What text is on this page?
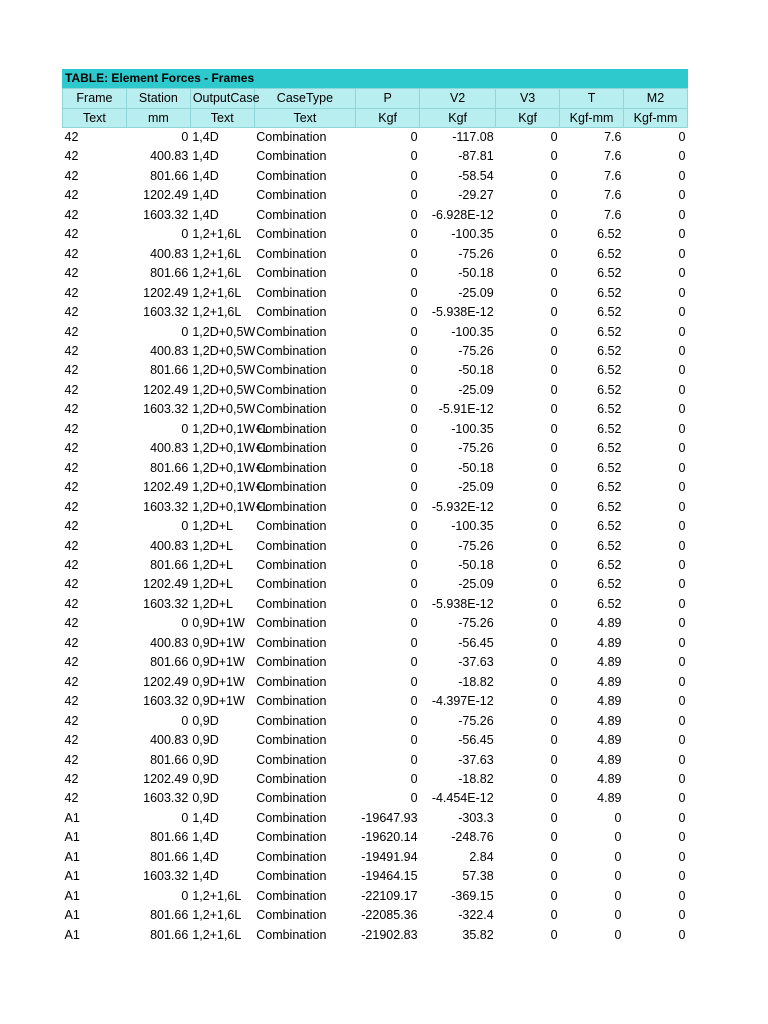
TABLE: Element Forces - Frames
Frame	Station	OutputCase	CaseType	P	V2	V3	T	M2
Text	mm	Text	Text	Kgf	Kgf	Kgf	Kgf-mm	Kgf-mm
42	0	1,4D	Combination	0	-117.08	0	7.6	0
42	400.83	1,4D	Combination	0	-87.81	0	7.6	0
42	801.66	1,4D	Combination	0	-58.54	0	7.6	0
42	1202.49	1,4D	Combination	0	-29.27	0	7.6	0
42	1603.32	1,4D	Combination	0	-6.928E-12	0	7.6	0
42	0	1,2+1,6L	Combination	0	-100.35	0	6.52	0
42	400.83	1,2+1,6L	Combination	0	-75.26	0	6.52	0
42	801.66	1,2+1,6L	Combination	0	-50.18	0	6.52	0
42	1202.49	1,2+1,6L	Combination	0	-25.09	0	6.52	0
42	1603.32	1,2+1,6L	Combination	0	-5.938E-12	0	6.52	0
42	0	1,2D+0,5W	Combination	0	-100.35	0	6.52	0
42	400.83	1,2D+0,5W	Combination	0	-75.26	0	6.52	0
42	801.66	1,2D+0,5W	Combination	0	-50.18	0	6.52	0
42	1202.49	1,2D+0,5W	Combination	0	-25.09	0	6.52	0
42	1603.32	1,2D+0,5W	Combination	0	-5.91E-12	0	6.52	0
42	0	1,2D+0,1W+L	Combination	0	-100.35	0	6.52	0
42	400.83	1,2D+0,1W+L	Combination	0	-75.26	0	6.52	0
42	801.66	1,2D+0,1W+L	Combination	0	-50.18	0	6.52	0
42	1202.49	1,2D+0,1W+L	Combination	0	-25.09	0	6.52	0
42	1603.32	1,2D+0,1W+L	Combination	0	-5.932E-12	0	6.52	0
42	0	1,2D+L	Combination	0	-100.35	0	6.52	0
42	400.83	1,2D+L	Combination	0	-75.26	0	6.52	0
42	801.66	1,2D+L	Combination	0	-50.18	0	6.52	0
42	1202.49	1,2D+L	Combination	0	-25.09	0	6.52	0
42	1603.32	1,2D+L	Combination	0	-5.938E-12	0	6.52	0
42	0	0,9D+1W	Combination	0	-75.26	0	4.89	0
42	400.83	0,9D+1W	Combination	0	-56.45	0	4.89	0
42	801.66	0,9D+1W	Combination	0	-37.63	0	4.89	0
42	1202.49	0,9D+1W	Combination	0	-18.82	0	4.89	0
42	1603.32	0,9D+1W	Combination	0	-4.397E-12	0	4.89	0
42	0	0,9D	Combination	0	-75.26	0	4.89	0
42	400.83	0,9D	Combination	0	-56.45	0	4.89	0
42	801.66	0,9D	Combination	0	-37.63	0	4.89	0
42	1202.49	0,9D	Combination	0	-18.82	0	4.89	0
42	1603.32	0,9D	Combination	0	-4.454E-12	0	4.89	0
A1	0	1,4D	Combination	-19647.93	-303.3	0	0	0
A1	801.66	1,4D	Combination	-19620.14	-248.76	0	0	0
A1	801.66	1,4D	Combination	-19491.94	2.84	0	0	0
A1	1603.32	1,4D	Combination	-19464.15	57.38	0	0	0
A1	0	1,2+1,6L	Combination	-22109.17	-369.15	0	0	0
A1	801.66	1,2+1,6L	Combination	-22085.36	-322.4	0	0	0
A1	801.66	1,2+1,6L	Combination	-21902.83	35.82	0	0	0
